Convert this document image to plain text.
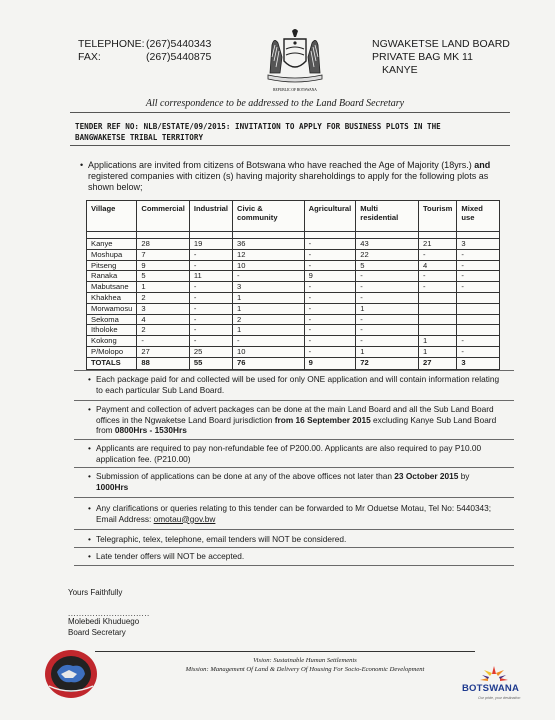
TELEPHONE: (267)5440343
FAX:	(267)5440875
REPUBLIC OF BOTSWANA
NGWAKETSE LAND BOARD
PRIVATE BAG MK 11
KANYE
All correspondence to be addressed to the Land Board Secretary
TENDER REF NO: NLB/ESTATE/09/2015: INVITATION TO APPLY FOR BUSINESS PLOTS IN THE
BANGWAKETSE TRIBAL TERRITORY
• Applications are invited from citizens of Botswana who have reached the Age of Majority (18yrs.) and registered companies with citizen (s) having majority shareholdings to apply for the following plots as shown below;
Village	Commercial	Industrial	Civic & community	Agricultural	Multi residential	Tourism	Mixed use

Kanye	28	19	36	-	43	21	3
Moshupa	7	-	12	-	22	-	-
Pitseng	9	-	10	-	5	4	-
Ranaka	5	11	-	9	-	-	-
Mabutsane	1	-	3	-	-	-	-
Khakhea	2	-	1	-	-		
Morwamosu	3	-	1	-	1		
Sekoma	4	-	2	-	-		
Itholoke	2	-	1	-	-		
Kokong	-	-	-	-	-	1	-
P/Molopo	27	25	10	-	1	1	-
TOTALS	88	55	76	9	72	27	3
• Each package paid for and collected will be used for only ONE application and will contain information relating to each particular Sub Land Board.
• Payment and collection of advert packages can be done at the main Land Board and all the Sub Land Board
offices in the Ngwaketse Land Board jurisdiction from 16 September 2015 excluding Kanye Sub Land Board
from 0800Hrs - 1530Hrs
• Applicants are required to pay non-refundable fee of P200.00. Applicants are also required to pay P10.00 application fee. (P210.00)
• Submission of applications can be done at any of the above offices not later than 23 October 2015 by 1000Hrs
• Any clarifications or queries relating to this tender can be forwarded to Mr Oduetse Motau, Tel No: 5440343;
Email Address: omotau@gov.bw
• Telegraphic, telex, telephone, email tenders will NOT be considered.
• Late tender offers will NOT be accepted.
Yours Faithfully
..............................
Molebedi Khuduego
Board Secretary
Vision: Sustainable Human Settlements
Mission: Management Of Land & Delivery Of Housing For Socio-Economic Development
BOTSWANA
Our pride, your destination
